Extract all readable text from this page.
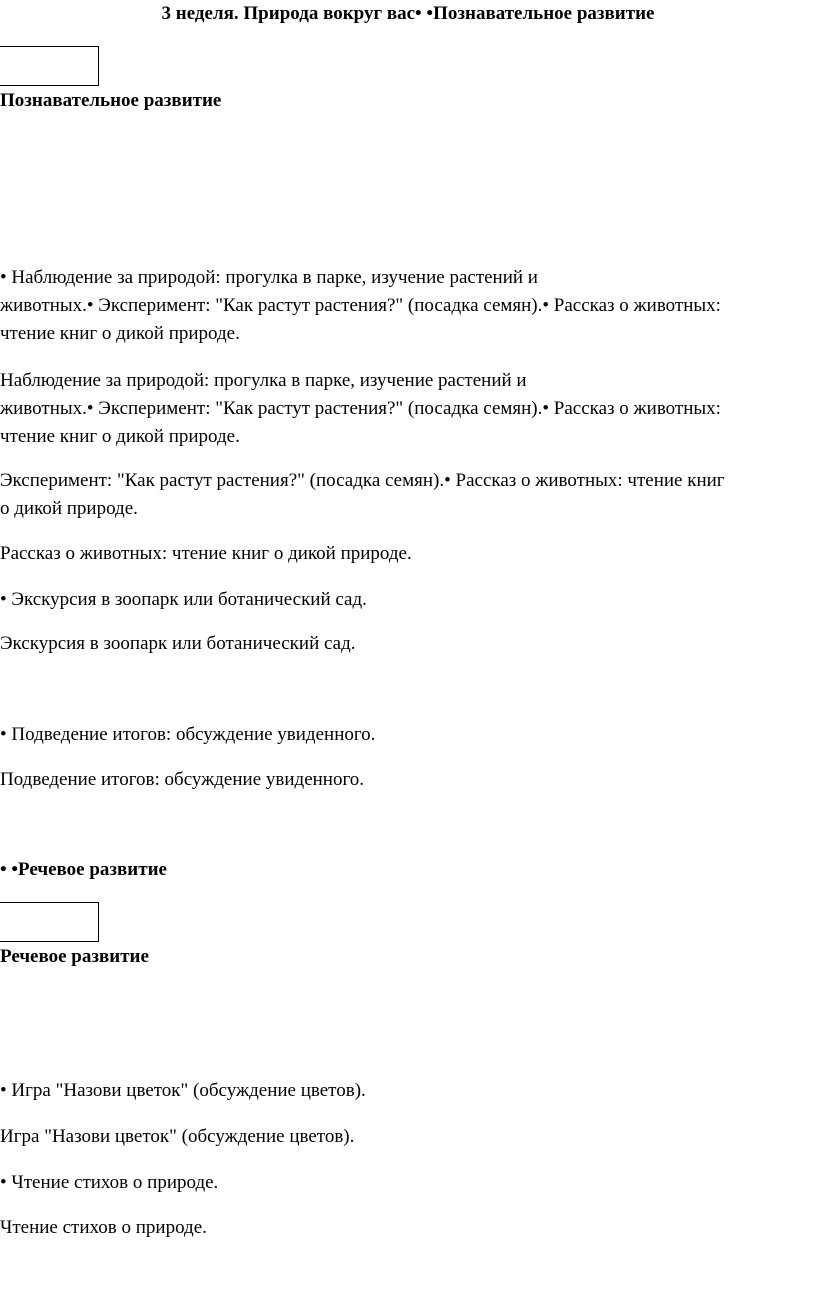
3 неделя. Природа вокруг вас• •Познавательное развитие
Познавательное развитие
• Наблюдение за природой: прогулка в парке, изучение растений и
животных.• Эксперимент: "Как растут растения?" (посадка семян).• Рассказ о животных:
чтение книг о дикой природе.
Наблюдение за природой: прогулка в парке, изучение растений и
животных.• Эксперимент: "Как растут растения?" (посадка семян).• Рассказ о животных:
чтение книг о дикой природе.
Эксперимент: "Как растут растения?" (посадка семян).• Рассказ о животных: чтение книг
о дикой природе.
Рассказ о животных: чтение книг о дикой природе.
• Экскурсия в зоопарк или ботанический сад.
Экскурсия в зоопарк или ботанический сад.
• Подведение итогов: обсуждение увиденного.
Подведение итогов: обсуждение увиденного.
• •Речевое развитие
Речевое развитие
• Игра "Назови цветок" (обсуждение цветов).
Игра "Назови цветок" (обсуждение цветов).
• Чтение стихов о природе.
Чтение стихов о природе.
